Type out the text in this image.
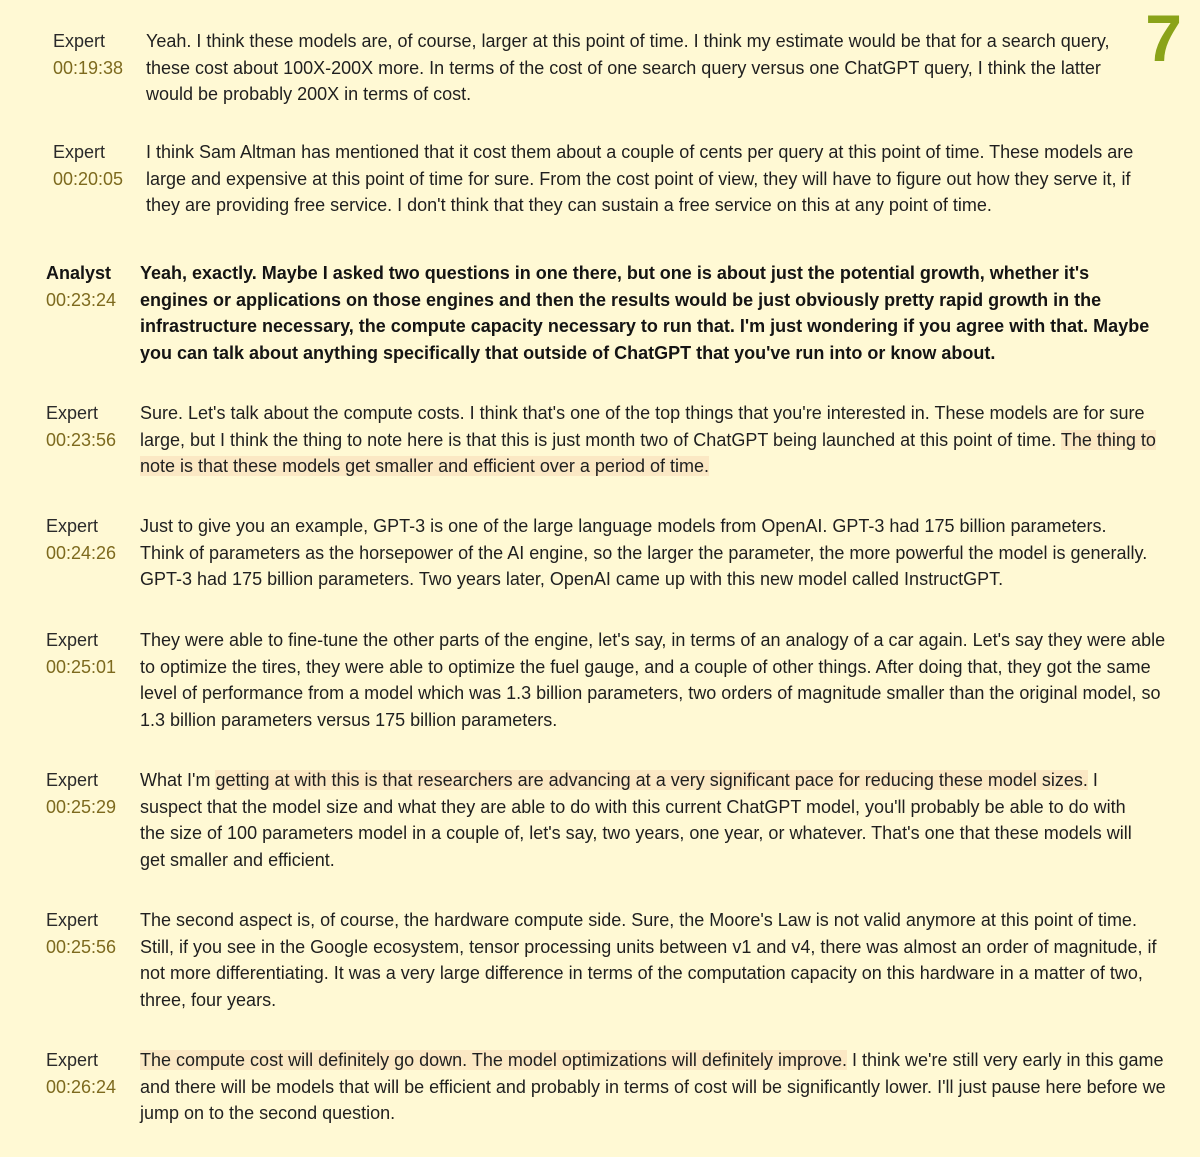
7
Expert
00:19:38
Yeah. I think these models are, of course, larger at this point of time. I think my estimate would be that for a search query, these cost about 100X-200X more. In terms of the cost of one search query versus one ChatGPT query, I think the latter would be probably 200X in terms of cost.
Expert
00:20:05
I think Sam Altman has mentioned that it cost them about a couple of cents per query at this point of time. These models are large and expensive at this point of time for sure. From the cost point of view, they will have to figure out how they serve it, if they are providing free service. I don't think that they can sustain a free service on this at any point of time.
Analyst
00:23:24
Yeah, exactly. Maybe I asked two questions in one there, but one is about just the potential growth, whether it's engines or applications on those engines and then the results would be just obviously pretty rapid growth in the infrastructure necessary, the compute capacity necessary to run that. I'm just wondering if you agree with that. Maybe you can talk about anything specifically that outside of ChatGPT that you've run into or know about.
Expert
00:23:56
Sure. Let's talk about the compute costs. I think that's one of the top things that you're interested in. These models are for sure large, but I think the thing to note here is that this is just month two of ChatGPT being launched at this point of time. The thing to note is that these models get smaller and efficient over a period of time.
Expert
00:24:26
Just to give you an example, GPT-3 is one of the large language models from OpenAI. GPT-3 had 175 billion parameters. Think of parameters as the horsepower of the AI engine, so the larger the parameter, the more powerful the model is generally. GPT-3 had 175 billion parameters. Two years later, OpenAI came up with this new model called InstructGPT.
Expert
00:25:01
They were able to fine-tune the other parts of the engine, let's say, in terms of an analogy of a car again. Let's say they were able to optimize the tires, they were able to optimize the fuel gauge, and a couple of other things. After doing that, they got the same level of performance from a model which was 1.3 billion parameters, two orders of magnitude smaller than the original model, so 1.3 billion parameters versus 175 billion parameters.
Expert
00:25:29
What I'm getting at with this is that researchers are advancing at a very significant pace for reducing these model sizes. I suspect that the model size and what they are able to do with this current ChatGPT model, you'll probably be able to do with the size of 100 parameters model in a couple of, let's say, two years, one year, or whatever. That's one that these models will get smaller and efficient.
Expert
00:25:56
The second aspect is, of course, the hardware compute side. Sure, the Moore's Law is not valid anymore at this point of time. Still, if you see in the Google ecosystem, tensor processing units between v1 and v4, there was almost an order of magnitude, if not more differentiating. It was a very large difference in terms of the computation capacity on this hardware in a matter of two, three, four years.
Expert
00:26:24
The compute cost will definitely go down. The model optimizations will definitely improve. I think we're still very early in this game and there will be models that will be efficient and probably in terms of cost will be significantly lower. I'll just pause here before we jump on to the second question.
